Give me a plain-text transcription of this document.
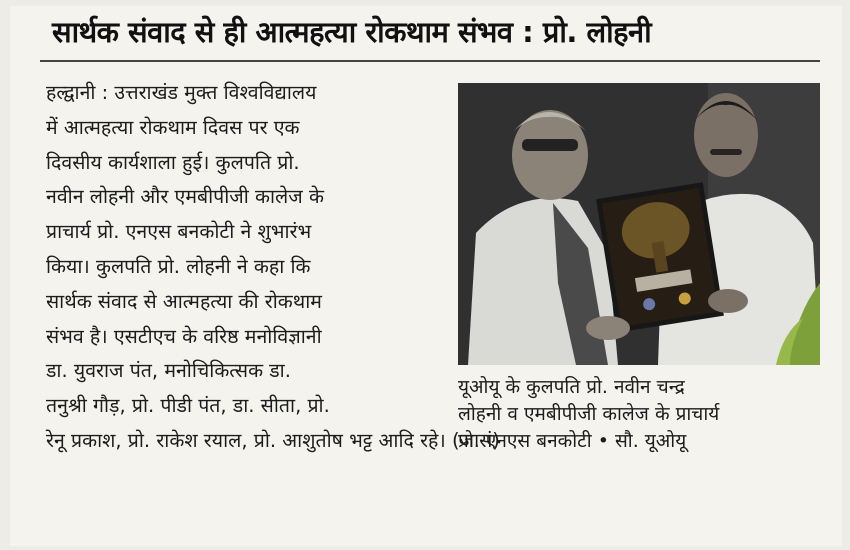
सार्थक संवाद से ही आत्महत्या रोकथाम संभव : प्रो. लोहनी
हल्द्वानी : उत्तराखंड मुक्त विश्वविद्यालय
में आत्महत्या रोकथाम दिवस पर एक
दिवसीय कार्यशाला हुई। कुलपति प्रो.
नवीन लोहनी और एमबीपीजी कालेज के
प्राचार्य प्रो. एनएस बनकोटी ने शुभारंभ
किया। कुलपति प्रो. लोहनी ने कहा कि
सार्थक संवाद से आत्महत्या की रोकथाम
संभव है। एसटीएच के वरिष्ठ मनोविज्ञानी
डा. युवराज पंत, मनोचिकित्सक डा.
तनुश्री गौड़, प्रो. पीडी पंत, डा. सीता, प्रो.
रेनू प्रकाश, प्रो. राकेश रयाल, प्रो. आशुतोष भट्ट आदि रहे। (जासं)
यूओयू के कुलपति प्रो. नवीन चन्द्र
लोहनी व एमबीपीजी कालेज के प्राचार्य
प्रो. एनएस बनकोटी • सौ. यूओयू
